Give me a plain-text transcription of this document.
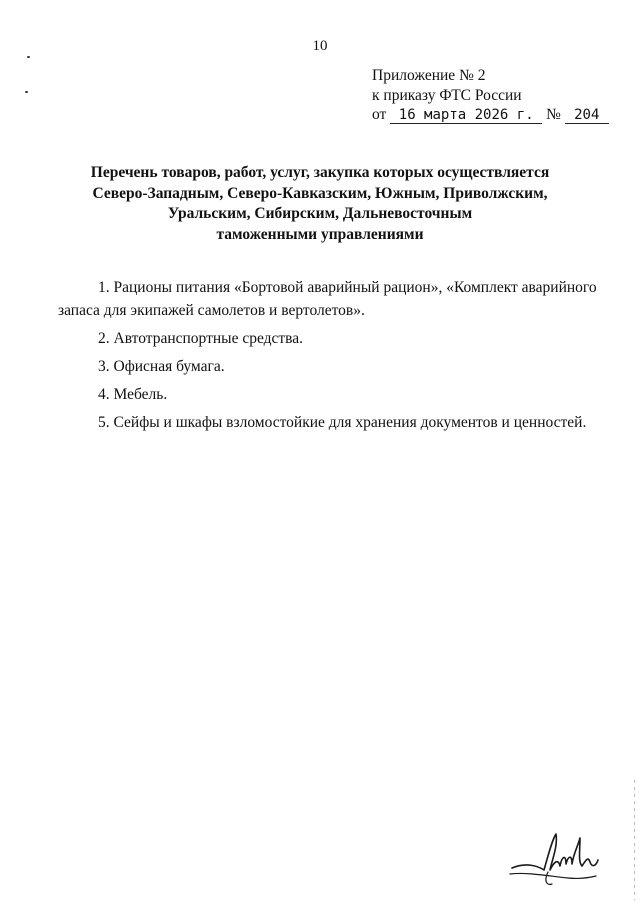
10
Приложение № 2
к приказу ФТС России
от 16 марта 2026 г. № 204
Перечень товаров, работ, услуг, закупка которых осуществляется
Северо-Западным, Северо-Кавказским, Южным, Приволжским,
Уральским, Сибирским, Дальневосточным
таможенными управлениями
1. Рационы питания «Бортовой аварийный рацион», «Комплект аварийного
запаса для экипажей самолетов и вертолетов».
2. Автотранспортные средства.
3. Офисная бумага.
4. Мебель.
5. Сейфы и шкафы взломостойкие для хранения документов и ценностей.
